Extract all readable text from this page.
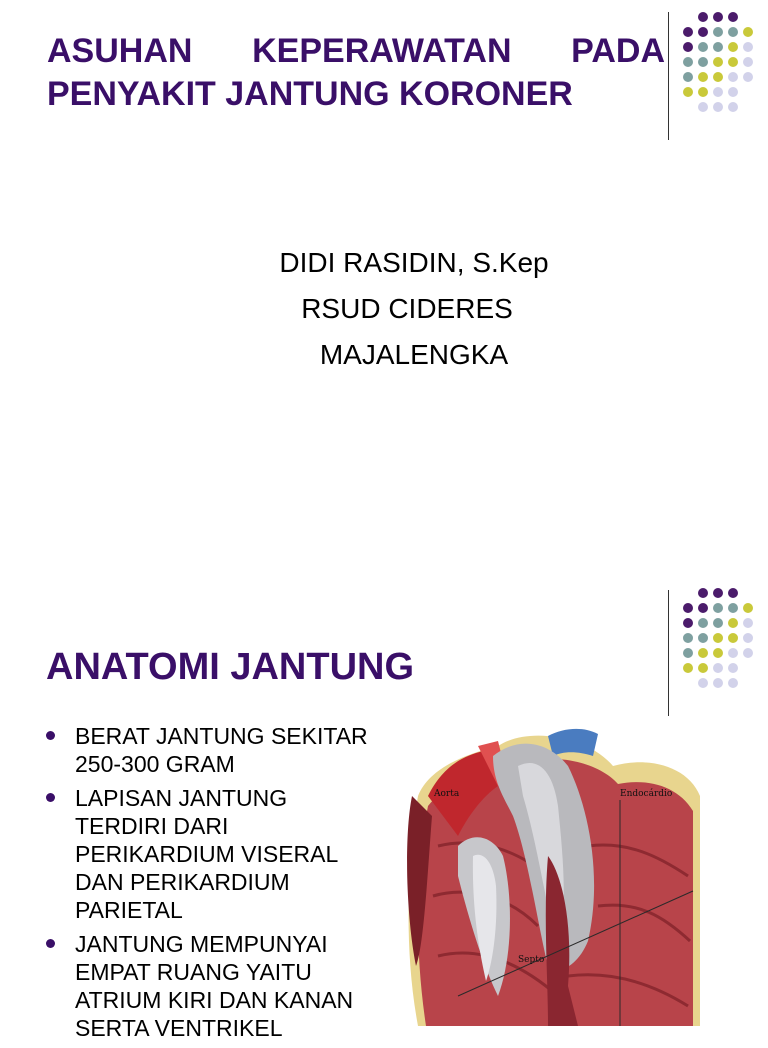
ASUHAN KEPERAWATAN PADA
PENYAKIT JANTUNG KORONER
DIDI RASIDIN, S.Kep
RSUD CIDERES
MAJALENGKA
ANATOMI JANTUNG
BERAT JANTUNG SEKITAR 250-300 GRAM
LAPISAN JANTUNG TERDIRI DARI PERIKARDIUM VISERAL DAN PERIKARDIUM PARIETAL
JANTUNG MEMPUNYAI EMPAT RUANG YAITU ATRIUM KIRI DAN KANAN SERTA VENTRIKEL
Aorta	Endocárdio
Septo
